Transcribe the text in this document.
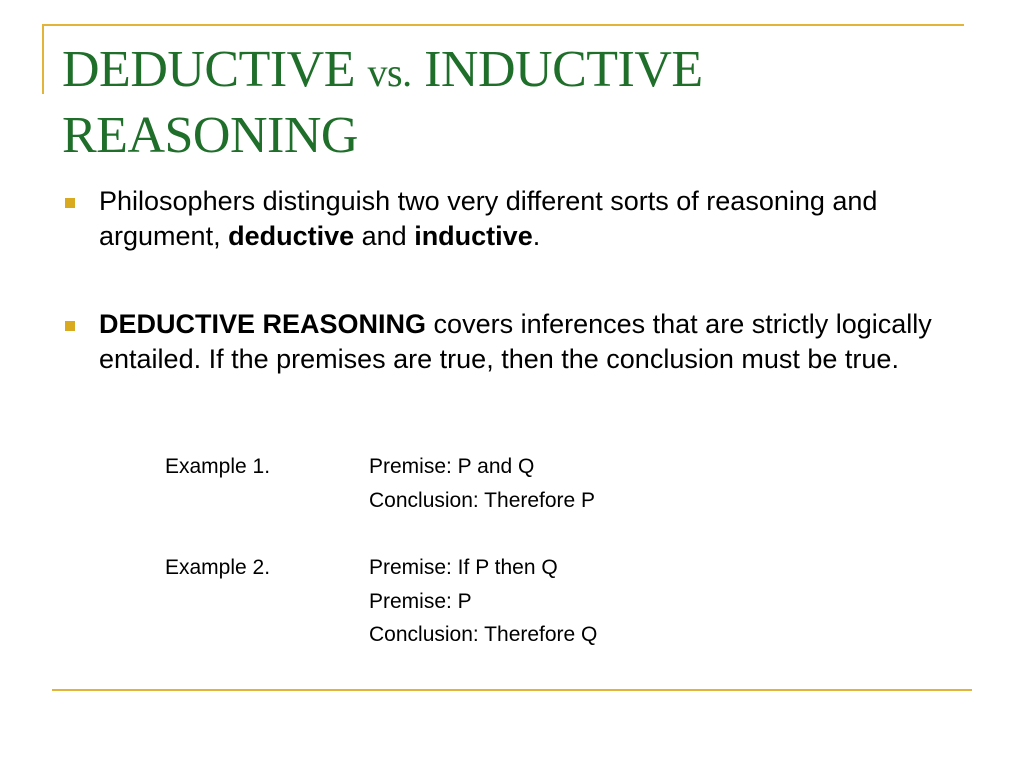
DEDUCTIVE vs. INDUCTIVE
REASONING
Philosophers distinguish two very different sorts of reasoning and argument, deductive and inductive.
DEDUCTIVE REASONING covers inferences that are strictly logically entailed. If the premises are true, then the conclusion must be true.
Example 1.	Premise: P and Q
Conclusion: Therefore P
Example 2.	Premise: If P then Q
Premise: P
Conclusion: Therefore Q
